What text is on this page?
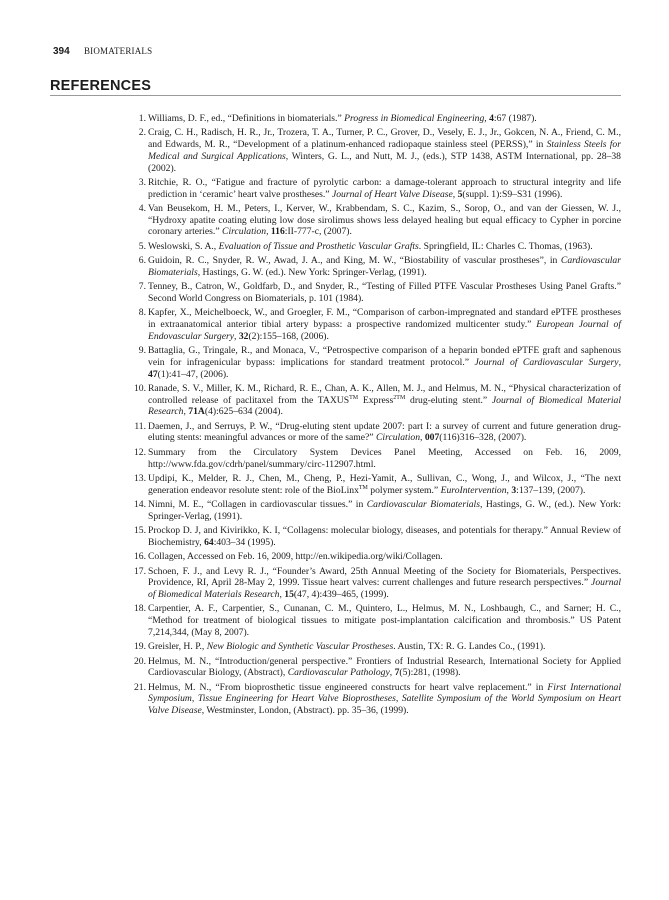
394 BIOMATERIALS
REFERENCES
1. Williams, D. F., ed., “Definitions in biomaterials.” Progress in Biomedical Engineering, 4:67 (1987).
2. Craig, C. H., Radisch, H. R., Jr., Trozera, T. A., Turner, P. C., Grover, D., Vesely, E. J., Jr., Gokcen, N. A., Friend, C. M., and Edwards, M. R., “Development of a platinum-enhanced radiopaque stainless steel (PERSS),” in Stainless Steels for Medical and Surgical Applications, Winters, G. L., and Nutt, M. J., (eds.), STP 1438, ASTM International, pp. 28–38 (2002).
3. Ritchie, R. O., “Fatigue and fracture of pyrolytic carbon: a damage-tolerant approach to structural integrity and life prediction in ‘ceramic’ heart valve prostheses.” Journal of Heart Valve Disease, 5(suppl. 1):S9–S31 (1996).
4. Van Beusekom, H. M., Peters, I., Kerver, W., Krabbendam, S. C., Kazim, S., Sorop, O., and van der Giessen, W. J., “Hydroxy apatite coating eluting low dose sirolimus shows less delayed healing but equal efficacy to Cypher in porcine coronary arteries.” Circulation, 116:II-777-c, (2007).
5. Weslowski, S. A., Evaluation of Tissue and Prosthetic Vascular Grafts. Springfield, IL: Charles C. Thomas, (1963).
6. Guidoin, R. C., Snyder, R. W., Awad, J. A., and King, M. W., “Biostability of vascular prostheses”, in Cardiovascular Biomaterials, Hastings, G. W. (ed.). New York: Springer-Verlag, (1991).
7. Tenney, B., Catron, W., Goldfarb, D., and Snyder, R., “Testing of Filled PTFE Vascular Prostheses Using Panel Grafts.” Second World Congress on Biomaterials, p. 101 (1984).
8. Kapfer, X., Meichelboeck, W., and Groegler, F. M., “Comparison of carbon-impregnated and standard ePTFE prostheses in extraanatomical anterior tibial artery bypass: a prospective randomized multicenter study.” European Journal of Endovascular Surgery, 32(2):155–168, (2006).
9. Battaglia, G., Tringale, R., and Monaca, V., “Petrospective comparison of a heparin bonded ePTFE graft and saphenous vein for infragenicular bypass: implications for standard treatment protocol.” Journal of Cardiovascular Surgery, 47(1):41–47, (2006).
10. Ranade, S. V., Miller, K. M., Richard, R. E., Chan, A. K., Allen, M. J., and Helmus, M. N., “Physical characterization of controlled release of paclitaxel from the TAXUS™ Express$^{2TM}$ drug-eluting stent.” Journal of Biomedical Material Research, 71A(4):625–634 (2004).
11. Daemen, J., and Serruys, P. W., “Drug-eluting stent update 2007: part I: a survey of current and future generation drug-eluting stents: meaningful advances or more of the same?” Circulation, 007(116)316–328, (2007).
12. Summary from the Circulatory System Devices Panel Meeting, Accessed on Feb. 16, 2009, http://www.fda.gov/cdrh/panel/summary/circ-112907.html.
13. Updipi, K., Melder, R. J., Chen, M., Cheng, P., Hezi-Yamit, A., Sullivan, C., Wong, J., and Wilcox, J., “The next generation endeavor resolute stent: role of the BioLinx™ polymer system.” EuroIntervention, 3:137–139, (2007).
14. Nimni, M. E., “Collagen in cardiovascular tissues.” in Cardiovascular Biomaterials, Hastings, G. W., (ed.). New York: Springer-Verlag, (1991).
15. Prockop D. J, and Kivirikko, K. I, “Collagens: molecular biology, diseases, and potentials for therapy.” Annual Review of Biochemistry, 64:403–34 (1995).
16. Collagen, Accessed on Feb. 16, 2009, http://en.wikipedia.org/wiki/Collagen.
17. Schoen, F. J., and Levy R. J., “Founder’s Award, 25th Annual Meeting of the Society for Biomaterials, Perspectives. Providence, RI, April 28-May 2, 1999. Tissue heart valves: current challenges and future research perspectives.” Journal of Biomedical Materials Research, 15(47, 4):439–465, (1999).
18. Carpentier, A. F., Carpentier, S., Cunanan, C. M., Quintero, L., Helmus, M. N., Loshbaugh, C., and Sarner; H. C., “Method for treatment of biological tissues to mitigate post-implantation calcification and thrombosis.” US Patent 7,214,344, (May 8, 2007).
19. Greisler, H. P., New Biologic and Synthetic Vascular Prostheses. Austin, TX: R. G. Landes Co., (1991).
20. Helmus, M. N., “Introduction/general perspective.” Frontiers of Industrial Research, International Society for Applied Cardiovascular Biology, (Abstract), Cardiovascular Pathology, 7(5):281, (1998).
21. Helmus, M. N., “From bioprosthetic tissue engineered constructs for heart valve replacement.” in First International Symposium, Tissue Engineering for Heart Valve Bioprostheses, Satellite Symposium of the World Symposium on Heart Valve Disease, Westminster, London, (Abstract). pp. 35–36, (1999).
